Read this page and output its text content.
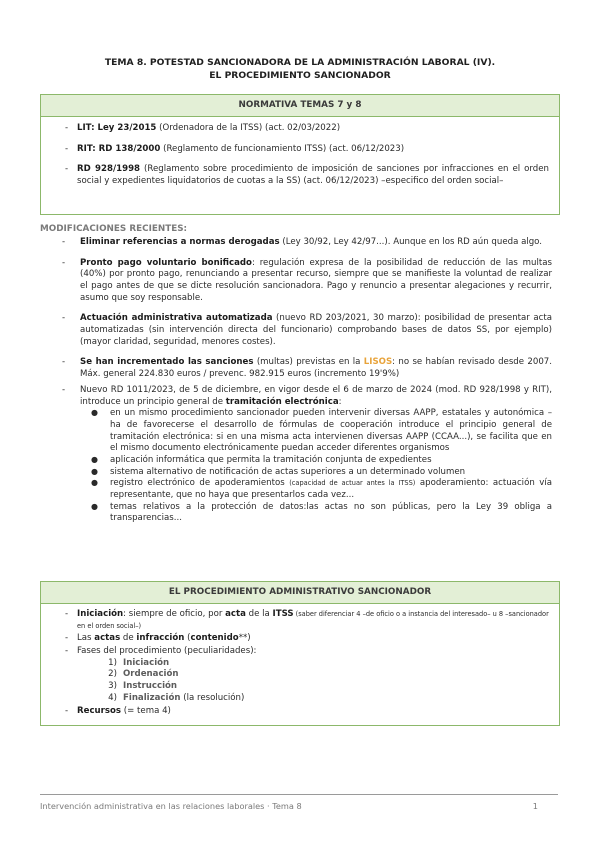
TEMA 8. POTESTAD SANCIONADORA DE LA ADMINISTRACIÓN LABORAL (IV).
EL PROCEDIMIENTO SANCIONADOR
NORMATIVA TEMAS 7 y 8
- LIT: Ley 23/2015 (Ordenadora de la ITSS) (act. 02/03/2022)
- RIT: RD 138/2000 (Reglamento de funcionamiento ITSS) (act. 06/12/2023)
- RD 928/1998 (Reglamento sobre procedimiento de imposición de sanciones por infracciones en el orden social y expedientes liquidatorios de cuotas a la SS) (act. 06/12/2023) –especifico del orden social–
MODIFICACIONES RECIENTES:
- Eliminar referencias a normas derogadas (Ley 30/92, Ley 42/97...). Aunque en los RD aún queda algo.
- Pronto pago voluntario bonificado: regulación expresa de la posibilidad de reducción de las multas (40%) por pronto pago, renunciando a presentar recurso, siempre que se manifieste la voluntad de realizar el pago antes de que se dicte resolución sancionadora. Pago y renuncio a presentar alegaciones y recurrir, asumo que soy responsable.
- Actuación administrativa automatizada (nuevo RD 203/2021, 30 marzo): posibilidad de presentar acta automatizadas (sin intervención directa del funcionario) comprobando bases de datos SS, por ejemplo) (mayor claridad, seguridad, menores costes).
- Se han incrementado las sanciones (multas) previstas en la LISOS: no se habían revisado desde 2007. Máx. general 224.830 euros / prevenc. 982.915 euros (incremento 19'9%)
- Nuevo RD 1011/2023, de 5 de diciembre, en vigor desde el 6 de marzo de 2024 (mod. RD 928/1998 y RIT), introduce un principio general de tramitación electrónica:
● en un mismo procedimiento sancionador pueden intervenir diversas AAPP, estatales y autonómica – ha de favorecerse el desarrollo de fórmulas de cooperación introduce el principio general de tramitación electrónica: si en una misma acta intervienen diversas AAPP (CCAA...), se facilita que en el mismo documento electrónicamente puedan acceder diferentes organismos
● aplicación informática que permita la tramitación conjunta de expedientes
● sistema alternativo de notificación de actas superiores a un determinado volumen
● registro electrónico de apoderamientos (capacidad de actuar antes la ITSS) apoderamiento: actuación vía representante, que no haya que presentarlos cada vez...
● temas relativos a la protección de datos:las actas no son públicas, pero la Ley 39 obliga a transparencias...
EL PROCEDIMIENTO ADMINISTRATIVO SANCIONADOR
- Iniciación: siempre de oficio, por acta de la ITSS (saber diferenciar 4 –de oficio o a instancia del interesado– u 8 –sancionador en el orden social–)
- Las actas de infracción (contenido**)
- Fases del procedimiento (peculiaridades):
1) Iniciación
2) Ordenación
3) Instrucción
4) Finalización (la resolución)
- Recursos (= tema 4)
Intervención administrativa en las relaciones laborales · Tema 8	1
